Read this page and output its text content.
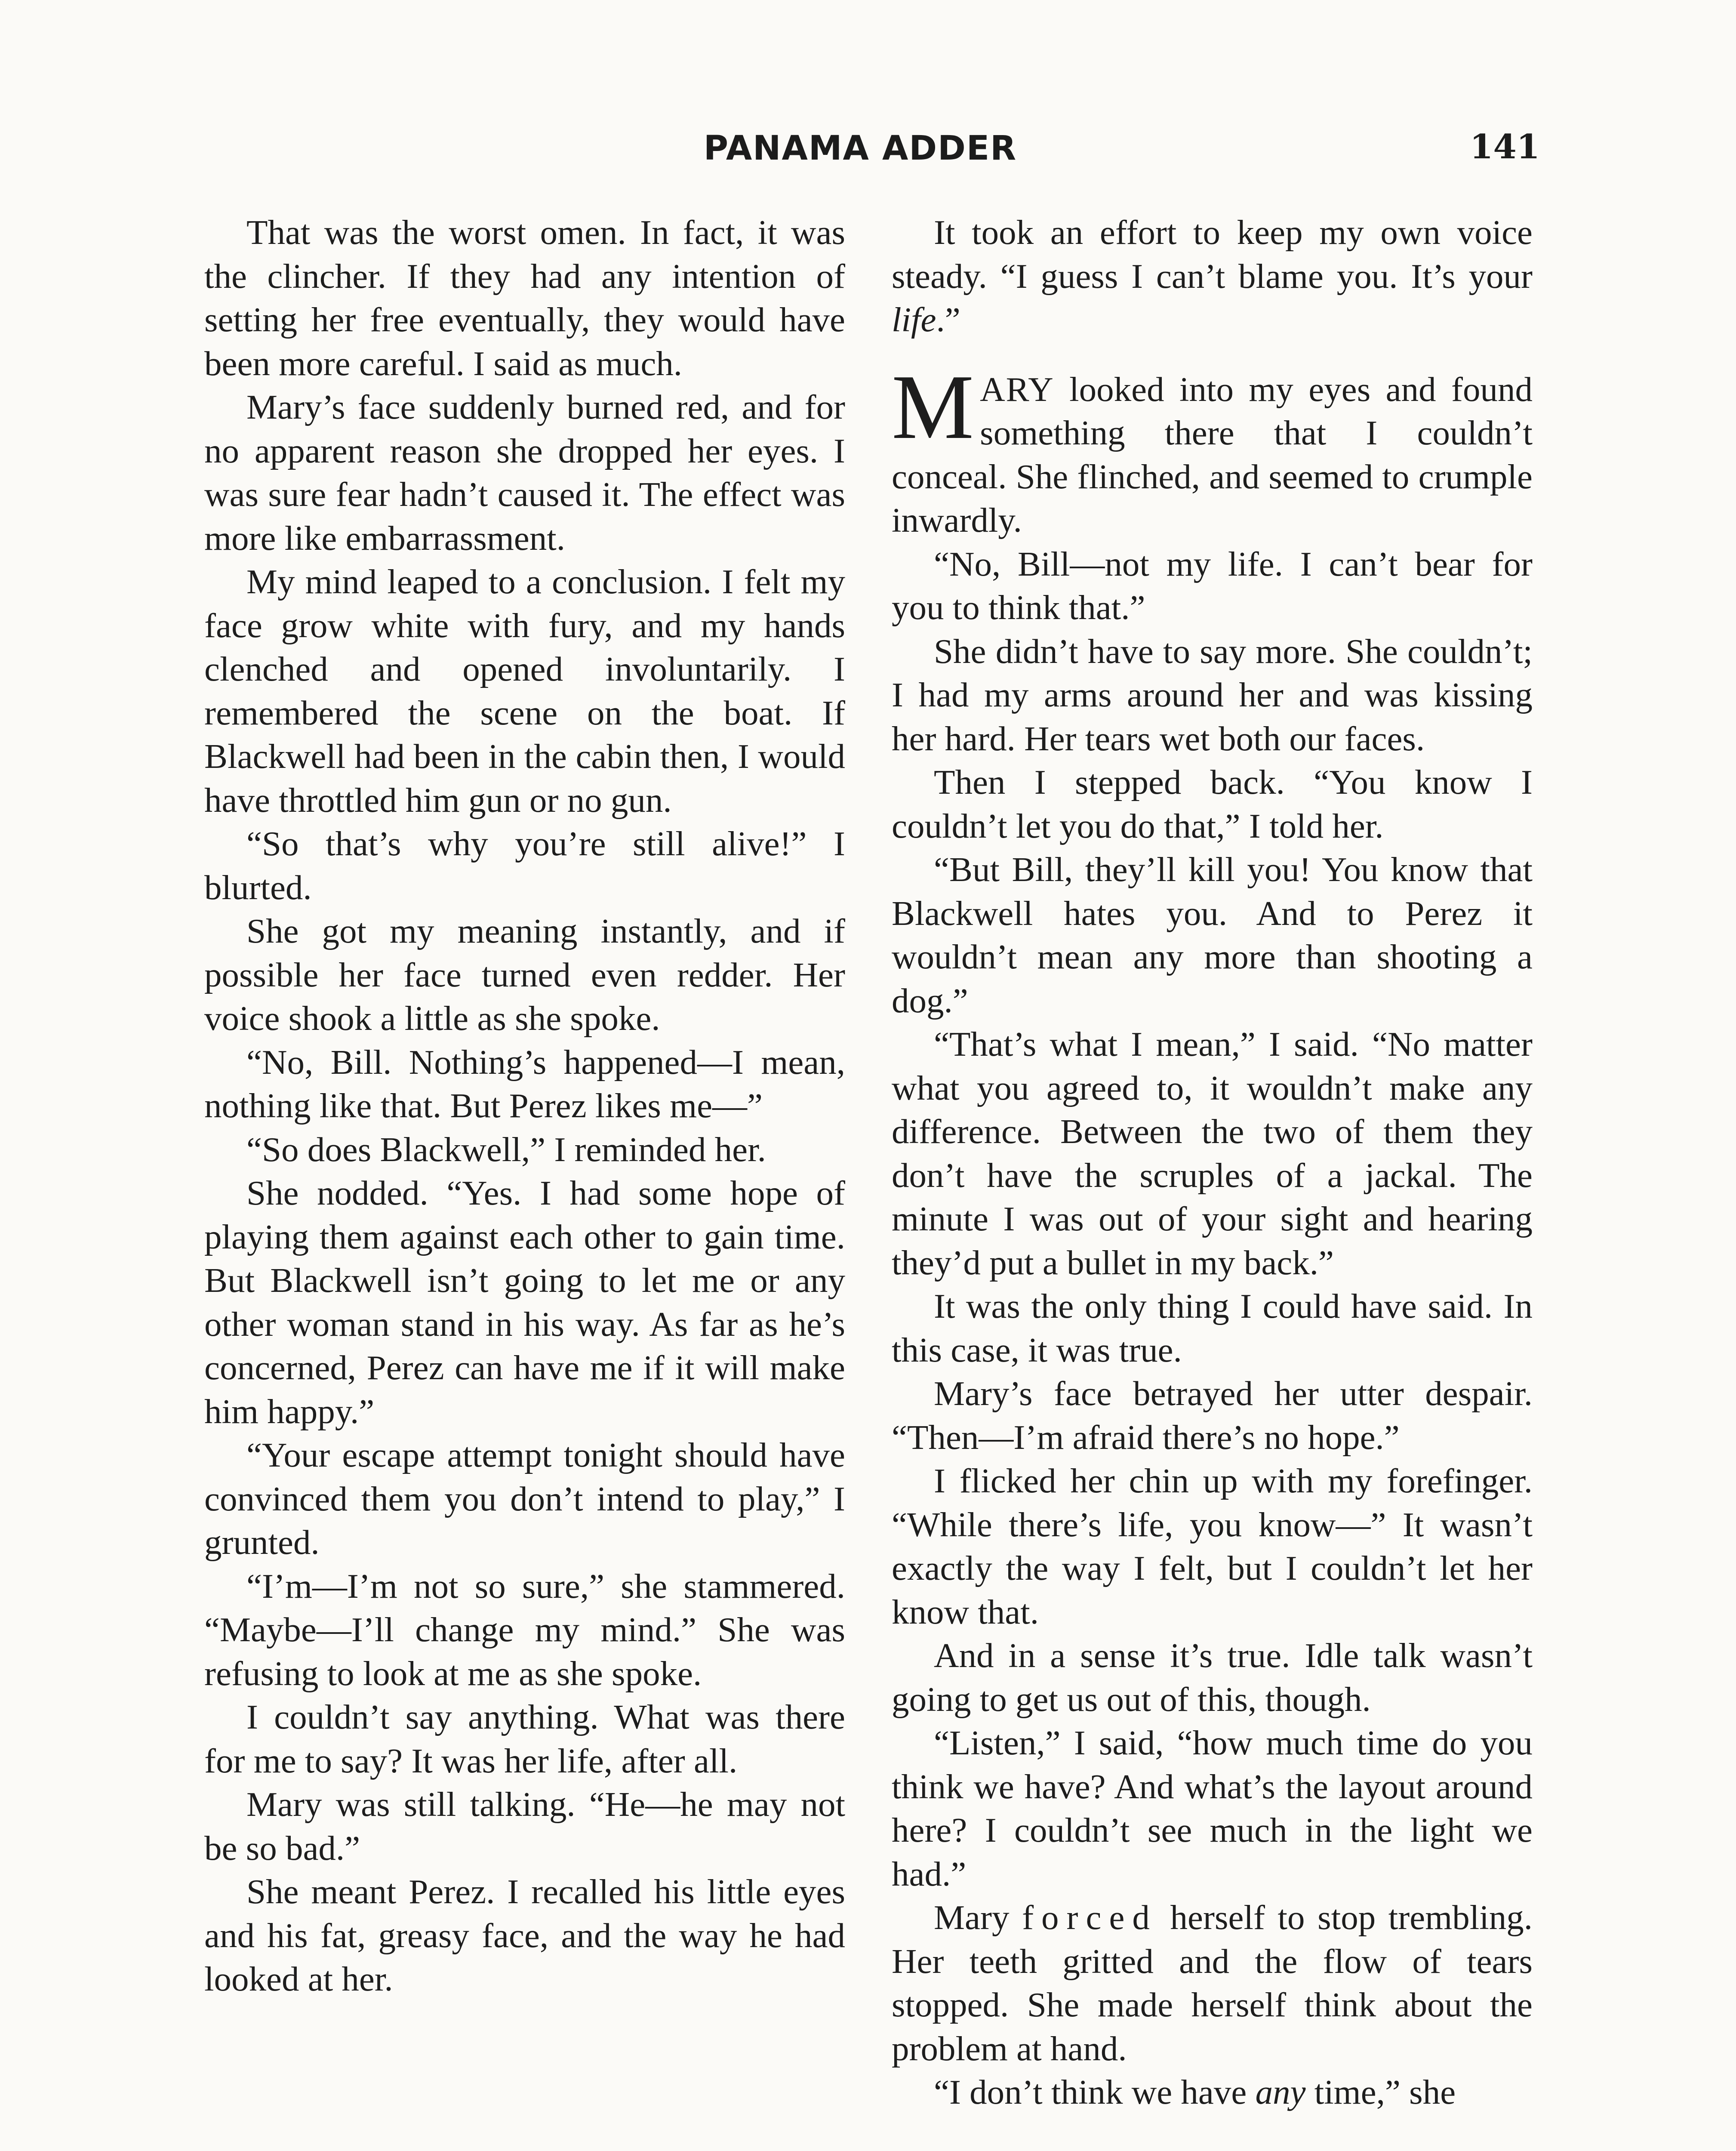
PANAMA ADDER	141

That was the worst omen. In fact, it was the clincher. If they had any intention of setting her free eventually, they would have been more careful. I said as much.

Mary’s face suddenly burned red, and for no apparent reason she dropped her eyes. I was sure fear hadn’t caused it. The effect was more like embarrassment.

My mind leaped to a conclusion. I felt my face grow white with fury, and my hands clenched and opened involuntarily. I remembered the scene on the boat. If Blackwell had been in the cabin then, I would have throttled him gun or no gun.

“So that’s why you’re still alive!” I blurted.

She got my meaning instantly, and if possible her face turned even redder. Her voice shook a little as she spoke.

“No, Bill. Nothing’s happened—I mean, nothing like that. But Perez likes me—”

“So does Blackwell,” I reminded her.

She nodded. “Yes. I had some hope of playing them against each other to gain time. But Blackwell isn’t going to let me or any other woman stand in his way. As far as he’s concerned, Perez can have me if it will make him happy.”

“Your escape attempt tonight should have convinced them you don’t intend to play,” I grunted.

“I’m—I’m not so sure,” she stammered. “Maybe—I’ll change my mind.” She was refusing to look at me as she spoke.

I couldn’t say anything. What was there for me to say? It was her life, after all.

Mary was still talking. “He—he may not be so bad.”

She meant Perez. I recalled his little eyes and his fat, greasy face, and the way he had looked at her.

It took an effort to keep my own voice steady. “I guess I can’t blame you. It’s your life.”

MARY looked into my eyes and found something there that I couldn’t conceal. She flinched, and seemed to crumple inwardly.

“No, Bill—not my life. I can’t bear for you to think that.”

She didn’t have to say more. She couldn’t; I had my arms around her and was kissing her hard. Her tears wet both our faces.

Then I stepped back. “You know I couldn’t let you do that,” I told her.

“But Bill, they’ll kill you! You know that Blackwell hates you. And to Perez it wouldn’t mean any more than shooting a dog.”

“That’s what I mean,” I said. “No matter what you agreed to, it wouldn’t make any difference. Between the two of them they don’t have the scruples of a jackal. The minute I was out of your sight and hearing they’d put a bullet in my back.”

It was the only thing I could have said. In this case, it was true.

Mary’s face betrayed her utter despair. “Then—I’m afraid there’s no hope.”

I flicked her chin up with my forefinger. “While there’s life, you know—” It wasn’t exactly the way I felt, but I couldn’t let her know that.

And in a sense it’s true. Idle talk wasn’t going to get us out of this, though.

“Listen,” I said, “how much time do you think we have? And what’s the layout around here? I couldn’t see much in the light we had.”

Mary forced herself to stop trembling. Her teeth gritted and the flow of tears stopped. She made herself think about the problem at hand.

“I don’t think we have any time,” she
